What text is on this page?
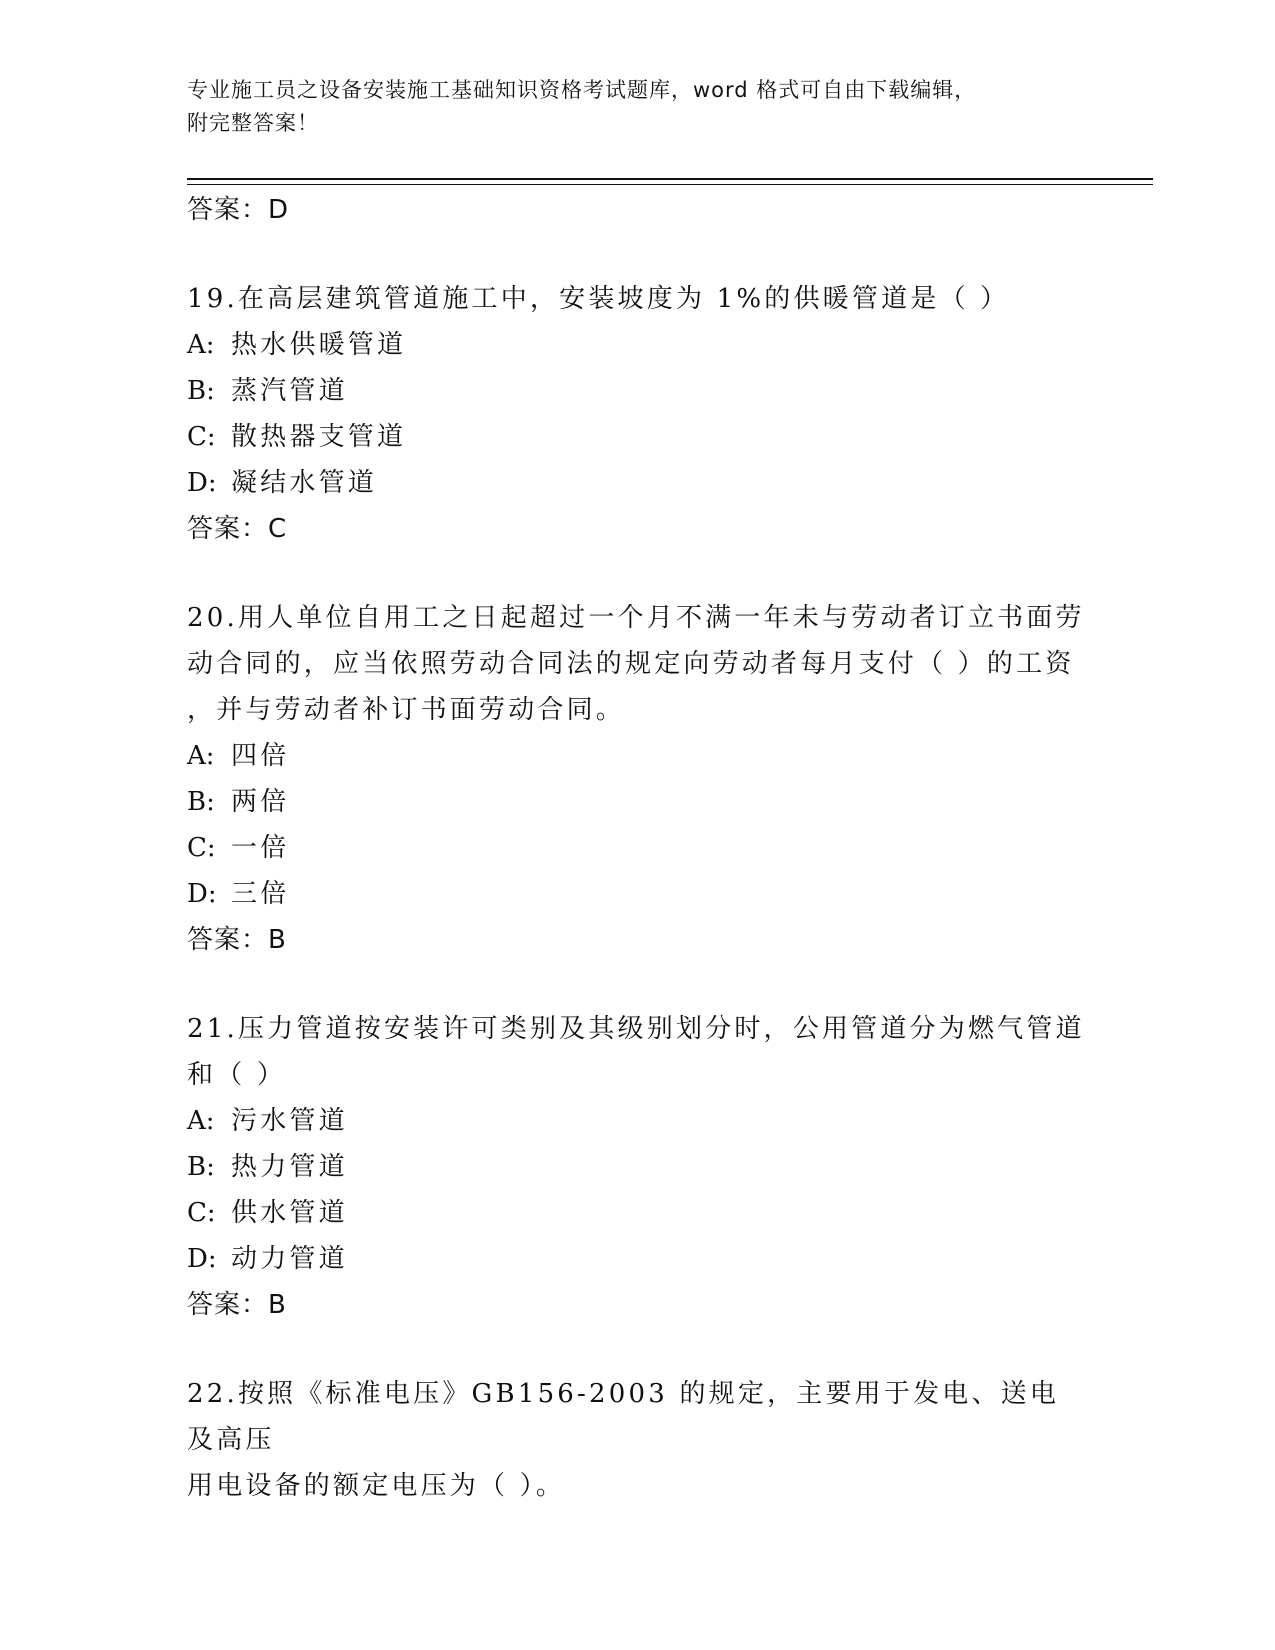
专业施工员之设备安装施工基础知识资格考试题库，word 格式可自由下载编辑，
附完整答案！

答案：D

19.在高层建筑管道施工中，安装坡度为 1%的供暖管道是（ ）

A: 热水供暖管道

B: 蒸汽管道

C: 散热器支管道

D: 凝结水管道

答案：C

20.用人单位自用工之日起超过一个月不满一年未与劳动者订立书面劳

动合同的，应当依照劳动合同法的规定向劳动者每月支付（ ）的工资

，并与劳动者补订书面劳动合同。

A: 四倍

B: 两倍

C: 一倍

D: 三倍

答案：B

21.压力管道按安装许可类别及其级别划分时，公用管道分为燃气管道

和（ ）

A: 污水管道

B: 热力管道

C: 供水管道

D: 动力管道

答案：B

22.按照《标准电压》GB156-2003 的规定，主要用于发电、送电及高压

用电设备的额定电压为（ ）。
